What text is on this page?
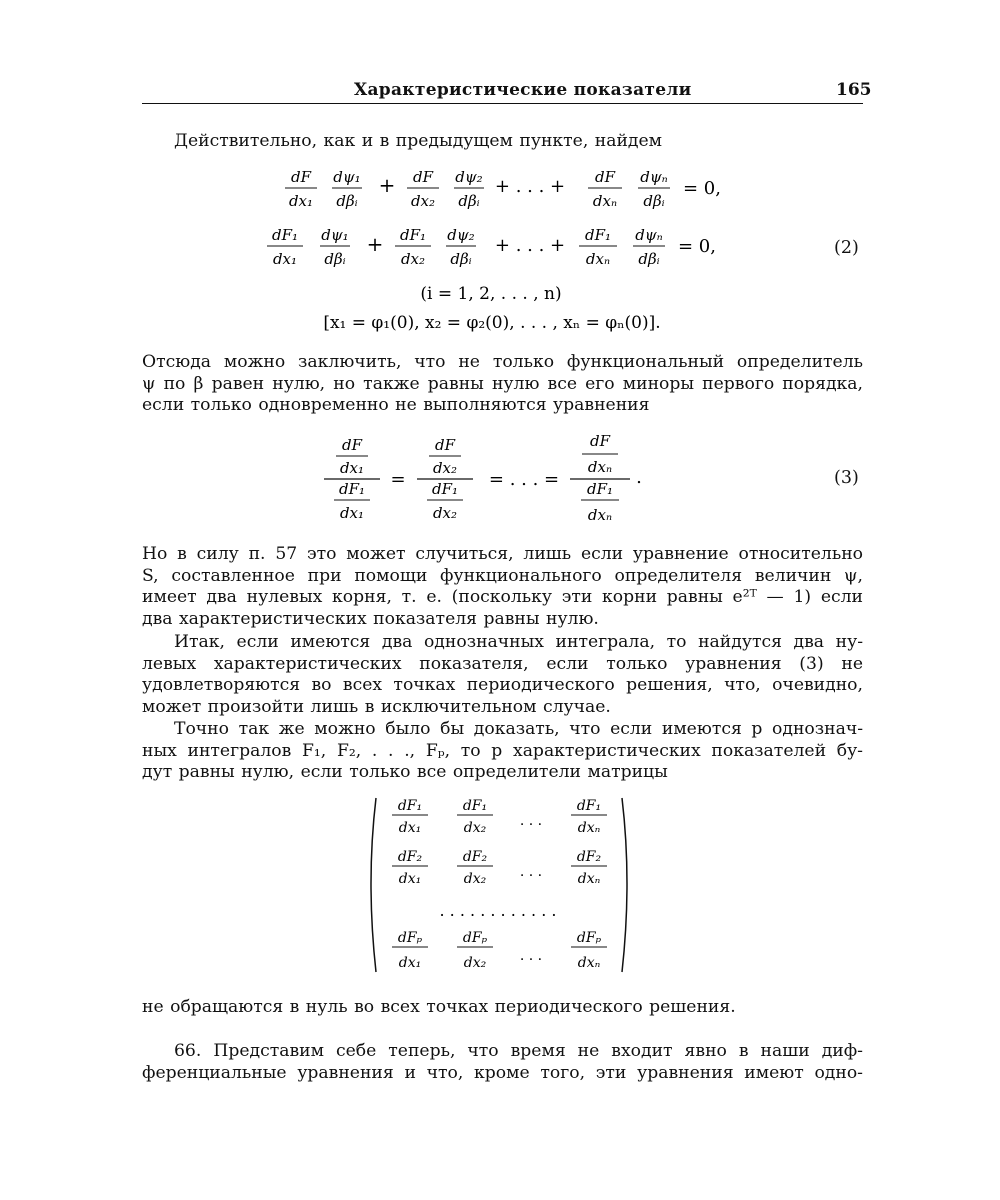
Характеристические показатели	165
Действительно, как и в предыдущем пункте, найдем
dF
dx₁
dψ₁
dβᵢ
+ dF
dx₂
dψ₂
dβᵢ
+ . . . + dF
dxₙ
dψₙ
dβᵢ
= 0,
dF₁
dx₁
dψ₁
dβᵢ
+ dF₁
dx₂
dψ₂
dβᵢ
+ . . . + dF₁
dxₙ
dψₙ
dβᵢ
= 0,
(i = 1, 2, . . . , n)
[x₁ = φ₁(0), x₂ = φ₂(0), . . . , xₙ = φₙ(0)].
(2)
Отсюда можно заключить, что не только функциональный определитель
ψ по β равен нулю, но также равны нулю все его миноры первого порядка,
если только одновременно не выполняются уравнения
dF
dx₁
dF₁
dx₁
=
dF
dx₂
dF₁
dx₂
= . . . =
dF
dxₙ
dF₁
dxₙ
.	(3)
Но в силу п. 57 это может случиться, лишь если уравнение относительно
S, составленное при помощи функционального определителя величин ψ,
имеет два нулевых корня, т. е. (поскольку эти корни равны e²ᵀ — 1) если
два характеристических показателя равны нулю.
Итак, если имеются два однозначных интеграла, то найдутся два ну-
левых характеристических показателя, если только уравнения (3) не
удовлетворяются во всех точках периодического решения, что, очевидно,
может произойти лишь в исключительном случае.
Точно так же можно было бы доказать, что если имеются p однознач-
ных интегралов F₁, F₂, . . ., Fₚ, то p характеристических показателей бу-
дут равны нулю, если только все определители матрицы
dF₁
dx₁
dF₁
dx₂ . . .
dF₁
dxₙ
dF₂
dx₁
dF₂
dx₂ . . .
dF₂
dxₙ
. . . . . . . . . . . .
dFₚ
dx₁
dFₚ
dx₂ . . .
dFₚ
dxₙ
не обращаются в нуль во всех точках периодического решения.
66. Представим себе теперь, что время не входит явно в наши диф-
ференциальные уравнения и что, кроме того, эти уравнения имеют одно-
